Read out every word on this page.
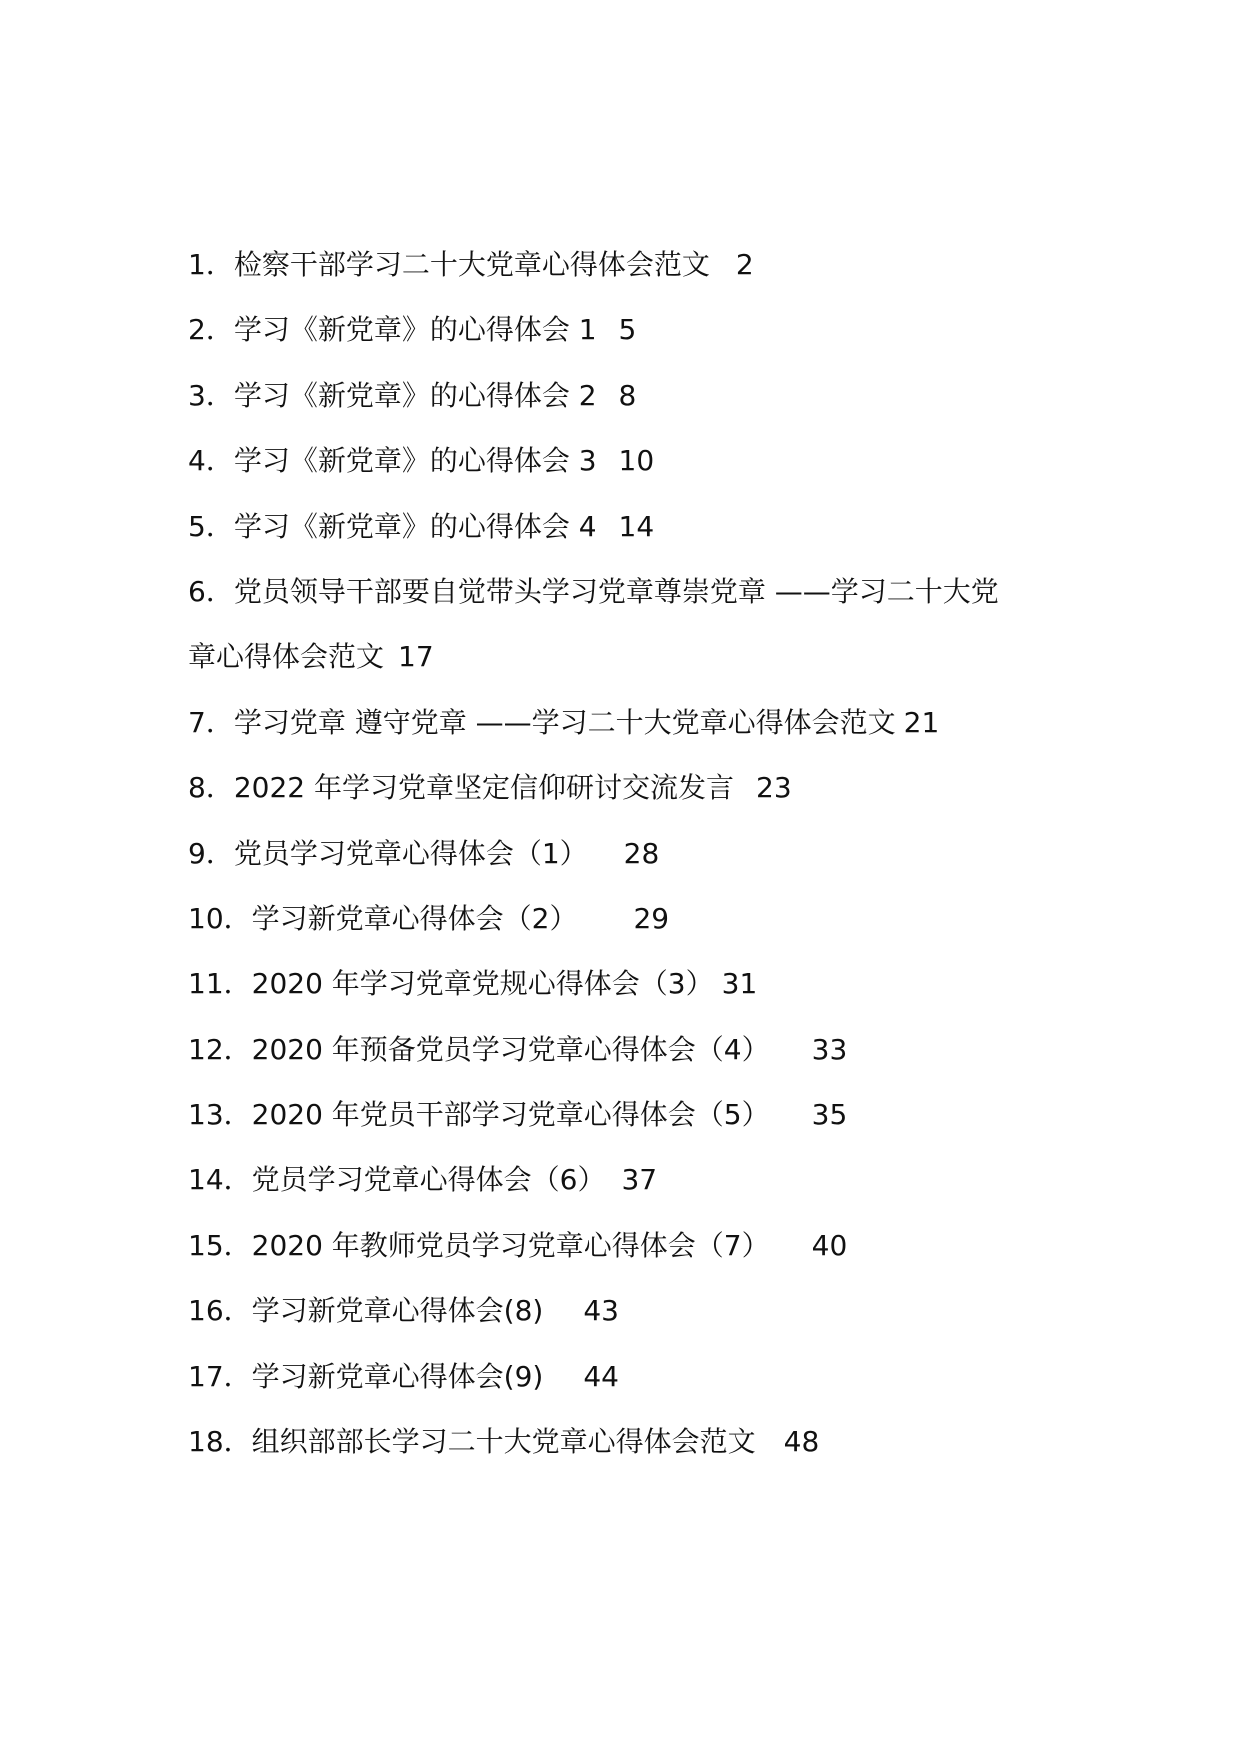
1．检察干部学习二十大党章心得体会范文 2
2．学习《新党章》的心得体会 1 5
3．学习《新党章》的心得体会 2 8
4．学习《新党章》的心得体会 3 10
5．学习《新党章》的心得体会 4 14
6．党员领导干部要自觉带头学习党章尊崇党章 ——学习二十大党
章心得体会范文 17
7．学习党章 遵守党章 ——学习二十大党章心得体会范文 21
8．2022 年学习党章坚定信仰研讨交流发言 23
9．党员学习党章心得体会（1） 28
10．学习新党章心得体会（2） 29
11．2020 年学习党章党规心得体会（3） 31
12．2020 年预备党员学习党章心得体会（4） 33
13．2020 年党员干部学习党章心得体会（5） 35
14．党员学习党章心得体会（6） 37
15．2020 年教师党员学习党章心得体会（7） 40
16．学习新党章心得体会(8) 43
17．学习新党章心得体会(9) 44
18．组织部部长学习二十大党章心得体会范文 48
